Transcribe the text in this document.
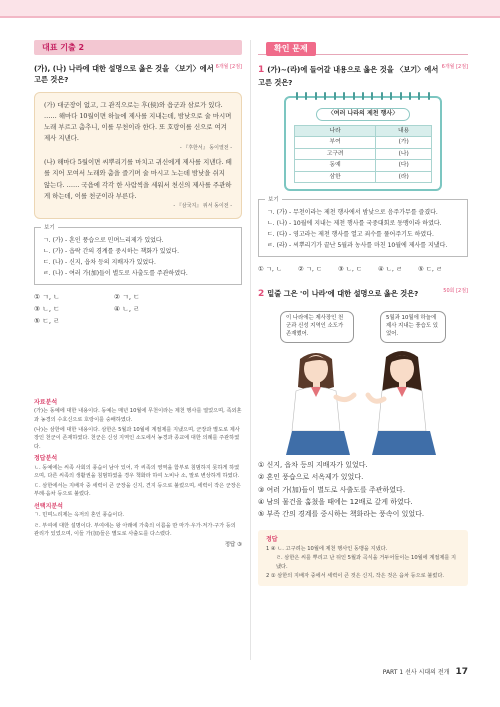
대표 기출 2
6개월 [2점]
(가), (나) 나라에 대한 설명으로 옳은 것을 〈보기〉에서 고른 것은?
(가) 대군장이 없고, 그 관직으로는 후(侯)와 읍군과 삼로가 있다. …… 해마다 10월이면 하늘에 제사를 지내는데, 밤낮으로 술 마시며 노래 부르고 춤추니, 이를 무천이라 한다. 또 호랑이를 신으로 여겨 제사 지낸다.
- 『후한서』 동이열전 -
(나) 해마다 5월이면 씨뿌리기를 마치고 귀신에게 제사를 지낸다. 떼를 지어 모여서 노래와 춤을 즐기며 술 마시고 노는데 밤낮을 쉬지 않는다. …… 국읍에 각각 한 사람씩을 세워서 천신의 제사를 주관하게 하는데, 이를 천군이라 부른다.
- 『삼국지』 위서 동이전 -
보기
ㄱ. (가) - 혼인 풍습으로 민며느리제가 있었다.
ㄴ. (가) - 읍락 간의 경계를 중시하는 책화가 있었다.
ㄷ. (나) - 신지, 읍차 등의 지배자가 있었다.
ㄹ. (나) - 여러 가(加)들이 별도로 사출도를 주관하였다.
① ㄱ, ㄴ	② ㄱ, ㄷ
③ ㄴ, ㄷ	④ ㄴ, ㄹ
⑤ ㄷ, ㄹ
자료분석

(가)는 동예에 대한 내용이다. 동예는 매년 10월에 무천이라는 제천 행사를 열었으며, 족외혼과 농경의 수호신으로 호랑이를 숭배하였다.

(나)는 삼한에 대한 내용이다. 삼한은 5월과 10월에 계절제를 지냈으며, 군장과 별도로 제사장인 천군이 존재하였다. 천군은 신성 지역인 소도에서 농경과 종교에 대한 의례를 주관하였다.

정답분석

ㄴ. 동예에는 씨족 사회의 풍습이 남아 있어, 각 씨족의 영역을 함부로 침범하지 못하게 하였으며, 다른 씨족의 생활권을 침범하였을 경우 책화라 하여 노비나 소, 말로 변상하게 하였다.

ㄷ. 삼한에서는 지배자 중 세력이 큰 군장을 신지, 견지 등으로 불렀으며, 세력이 작은 군장은 부례·읍차 등으로 불렀다.

선택지분석

ㄱ. 민며느리제는 옥저의 혼인 풍습이다.

ㄹ. 부여에 대한 설명이다. 부여에는 왕 아래에 가축의 이름을 딴 마가·우가·저가·구가 등의 관리가 있었으며, 이들 가(加)들은 별도로 사출도를 다스렸다.

정답 ③
확인 문제
6개월 [2점]
1 (가)~(라)에 들어갈 내용으로 옳은 것을 〈보기〉에서 고른 것은?
〈여러 나라의 제천 행사〉
나라	내용
부여	(가)
고구려	(나)
동예	(다)
삼한	(라)
보기
ㄱ. (가) - 무천이라는 제천 행사에서 밤낮으로 음주가무를 즐겼다.
ㄴ. (나) - 10월에 지내는 제천 행사를 국중대회로 동맹이라 하였다.
ㄷ. (다) - 영고라는 제천 행사를 열고 죄수를 풀어주기도 하였다.
ㄹ. (라) - 씨뿌리기가 끝난 5월과 농사를 마친 10월에 제사를 지냈다.
① ㄱ, ㄴ ② ㄱ, ㄷ ③ ㄴ, ㄷ ④ ㄴ, ㄹ ⑤ ㄷ, ㄹ
50회 [2점]
2 밑줄 그은 '이 나라'에 대한 설명으로 옳은 것은?
이 나라에는 제사장인 천군과 신성 지역인 소도가 존재했어.
5월과 10월에 하늘에 제사 지내는 풍습도 있었어.
① 신지, 읍차 등의 지배자가 있었다.
② 혼인 풍습으로 서옥제가 있었다.
③ 여러 가(加)들이 별도로 사출도를 주관하였다.
④ 남의 물건을 훔쳤을 때에는 12배로 갚게 하였다.
⑤ 부족 간의 경계를 중시하는 책화라는 풍속이 있었다.
정답
1 ④ ㄴ. 고구려는 10월에 제천 행사인 동맹을 지냈다.
ㄹ. 삼한은 씨를 뿌리고 난 뒤인 5월과 곡식을 거두어들이는 10월에 계절제를 지냈다.
2 ① 삼한의 지배자 중에서 세력이 큰 것은 신지, 작은 것은 읍차 등으로 불렀다.
PART 1 선사 시대의 전개 17
